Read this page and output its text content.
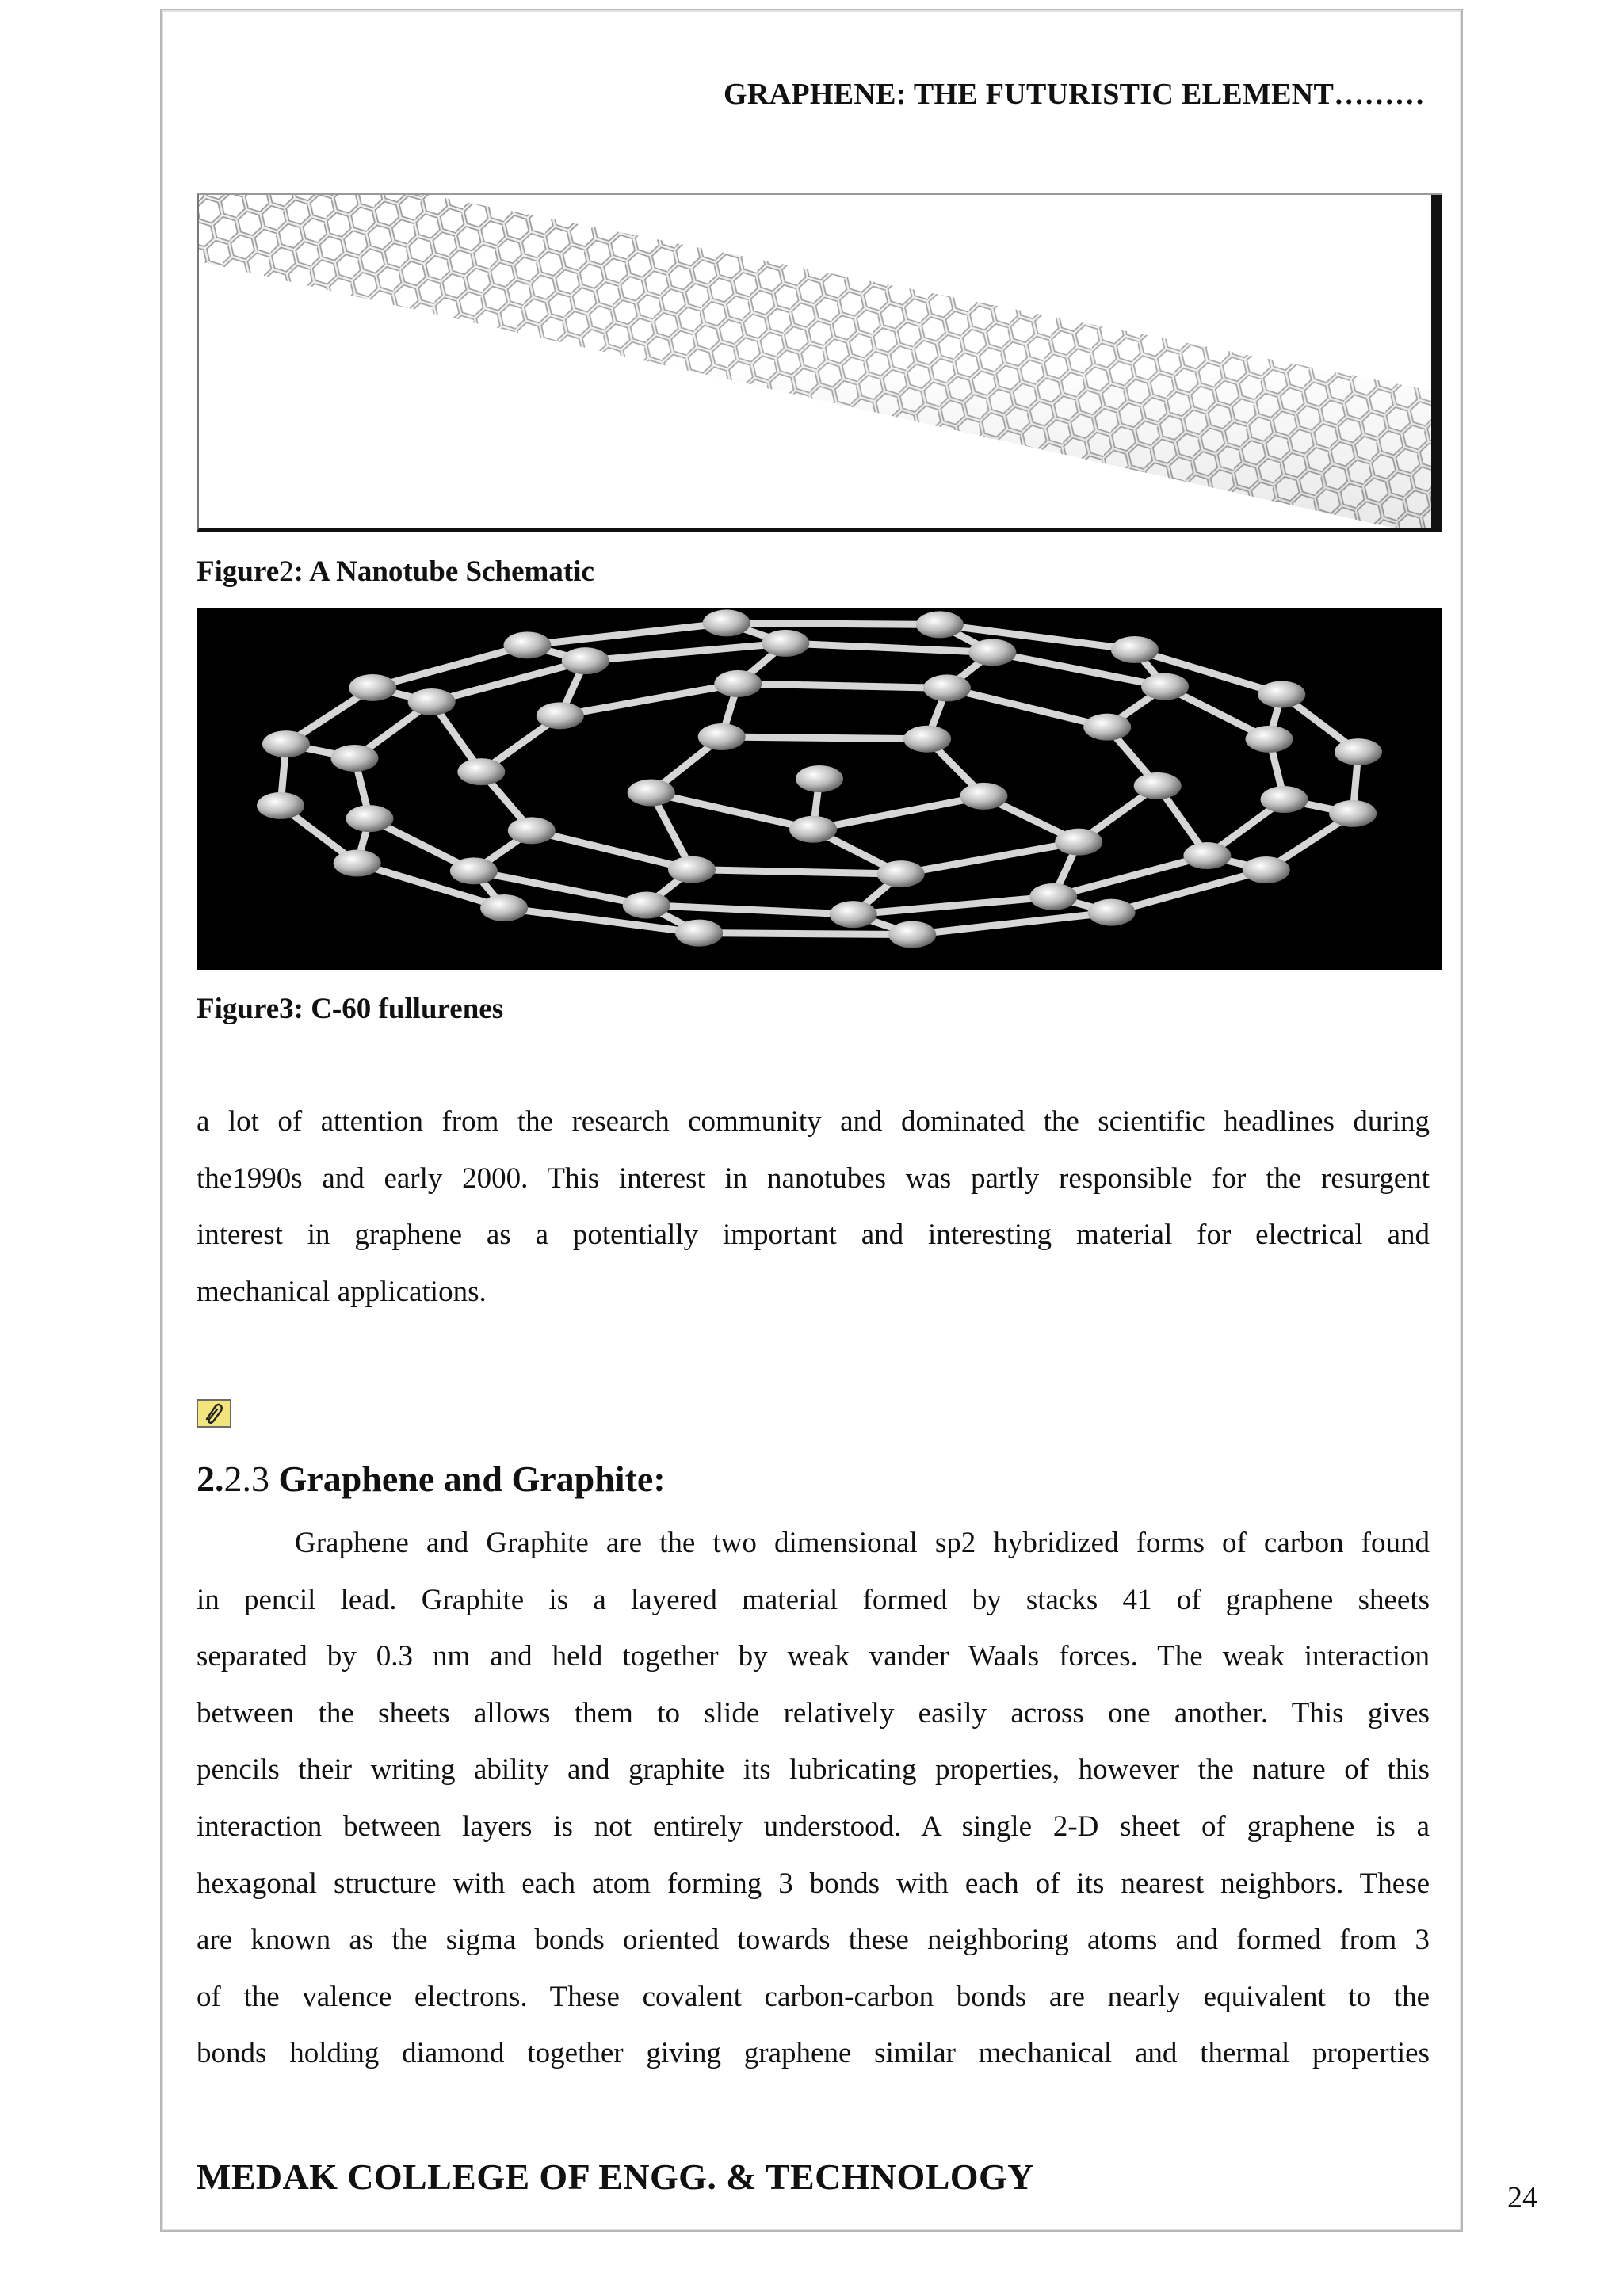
GRAPHENE: THE FUTURISTIC ELEMENT………
Figure2: A Nanotube Schematic
Figure3: C-60 fullurenes
a lot of attention from the research community and dominated the scientific headlines during
the1990s and early 2000. This interest in nanotubes was partly responsible for the resurgent
interest in graphene as a potentially important and interesting material for electrical and
mechanical applications.
2.2.3 Graphene and Graphite:
Graphene and Graphite are the two dimensional sp2 hybridized forms of carbon found
in pencil lead. Graphite is a layered material formed by stacks 41 of graphene sheets
separated by 0.3 nm and held together by weak vander Waals forces. The weak interaction
between the sheets allows them to slide relatively easily across one another. This gives
pencils their writing ability and graphite its lubricating properties, however the nature of this
interaction between layers is not entirely understood. A single 2-D sheet of graphene is a
hexagonal structure with each atom forming 3 bonds with each of its nearest neighbors. These
are known as the sigma bonds oriented towards these neighboring atoms and formed from 3
of the valence electrons. These covalent carbon-carbon bonds are nearly equivalent to the
bonds holding diamond together giving graphene similar mechanical and thermal properties
MEDAK COLLEGE OF ENGG. & TECHNOLOGY
24
